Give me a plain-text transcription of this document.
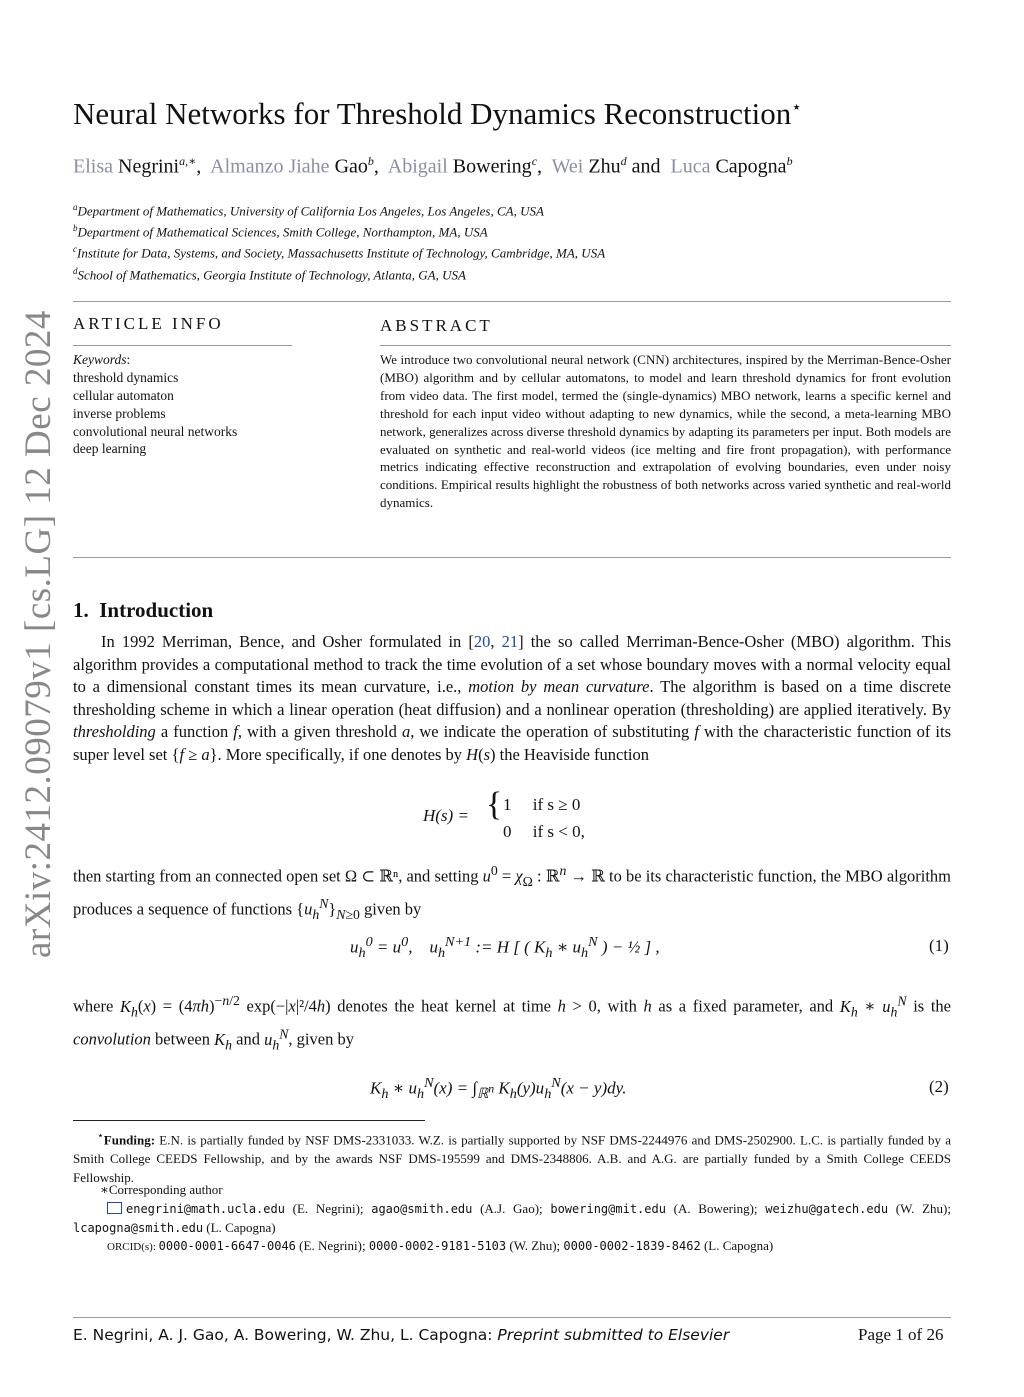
arXiv:2412.09079v1 [cs.LG] 12 Dec 2024
Neural Networks for Threshold Dynamics Reconstruction⋆
Elisa Negrini$^{a,∗}$,  Almanzo Jiahe Gao$^b$,  Abigail Bowering$^c$,  Wei Zhu$^d$ and Luca Capogna$^b$
$^a$Department of Mathematics, University of California Los Angeles, Los Angeles, CA, USA
$^b$Department of Mathematical Sciences, Smith College, Northampton, MA, USA
$^c$Institute for Data, Systems, and Society, Massachusetts Institute of Technology, Cambridge, MA, USA
$^d$School of Mathematics, Georgia Institute of Technology, Atlanta, GA, USA
ARTICLE INFO
Keywords:
threshold dynamics
cellular automaton
inverse problems
convolutional neural networks
deep learning
ABSTRACT
We introduce two convolutional neural network (CNN) architectures, inspired by the Merriman-Bence-Osher (MBO) algorithm and by cellular automatons, to model and learn threshold dynamics for front evolution from video data. The first model, termed the (single-dynamics) MBO network, learns a specific kernel and threshold for each input video without adapting to new dynamics, while the second, a meta-learning MBO network, generalizes across diverse threshold dynamics by adapting its parameters per input. Both models are evaluated on synthetic and real-world videos (ice melting and fire front propagation), with performance metrics indicating effective reconstruction and extrapolation of evolving boundaries, even under noisy conditions. Empirical results highlight the robustness of both networks across varied synthetic and real-world dynamics.
1. Introduction
In 1992 Merriman, Bence, and Osher formulated in [20, 21] the so called Merriman-Bence-Osher (MBO) algorithm. This algorithm provides a computational method to track the time evolution of a set whose boundary moves with a normal velocity equal to a dimensional constant times its mean curvature, i.e., motion by mean curvature. The algorithm is based on a time discrete thresholding scheme in which a linear operation (heat diffusion) and a nonlinear operation (thresholding) are applied iteratively. By thresholding a function f, with a given threshold a, we indicate the operation of substituting f with the characteristic function of its super level set {f ≥ a}. More specifically, if one denotes by H(s) the Heaviside function
H(s) = { 1 if s ≥ 0
0 if s < 0,
then starting from an connected open set Ω ⊂ ℝⁿ, and setting $u^0 = \chi_\Omega$ : ℝ$^n$ → ℝ to be its characteristic function, the MBO algorithm produces a sequence of functions $\{u_h^N\}_{N\ge 0}$ given by
$u_h^0 = u^0$,    $u_h^{N+1}$ := H [ ( $K_h$ ∗ $u_h^N$ ) − ½ ] ,	(1)
where $K_h(x) = (4\pi h)^{-n/2}$ exp(−|x|²/4h) denotes the heat kernel at time h > 0, with h as a fixed parameter, and $K_h$ ∗ $u_h^N$ is the convolution between $K_h$ and $u_h^N$, given by
$K_h$ ∗ $u_h^N(x) = \int_{ℝ^n}$ $K_h(y)u_h^N(x - y)dy$.	(2)
⋆Funding: E.N. is partially funded by NSF DMS-2331033. W.Z. is partially supported by NSF DMS-2244976 and DMS-2502900. L.C. is partially funded by a Smith College CEEDS Fellowship, and by the awards NSF DMS-195599 and DMS-2348806. A.B. and A.G. are partially funded by a Smith College CEEDS Fellowship.
∗Corresponding author
enegrini@math.ucla.edu (E. Negrini); agao@smith.edu (A.J. Gao); bowering@mit.edu (A. Bowering); weizhu@gatech.edu (W. Zhu); lcapogna@smith.edu (L. Capogna)
ORCID(s): 0000-0001-6647-0046 (E. Negrini); 0000-0002-9181-5103 (W. Zhu); 0000-0002-1839-8462 (L. Capogna)
E. Negrini, A. J. Gao, A. Bowering, W. Zhu, L. Capogna: Preprint submitted to Elsevier	Page 1 of 26
